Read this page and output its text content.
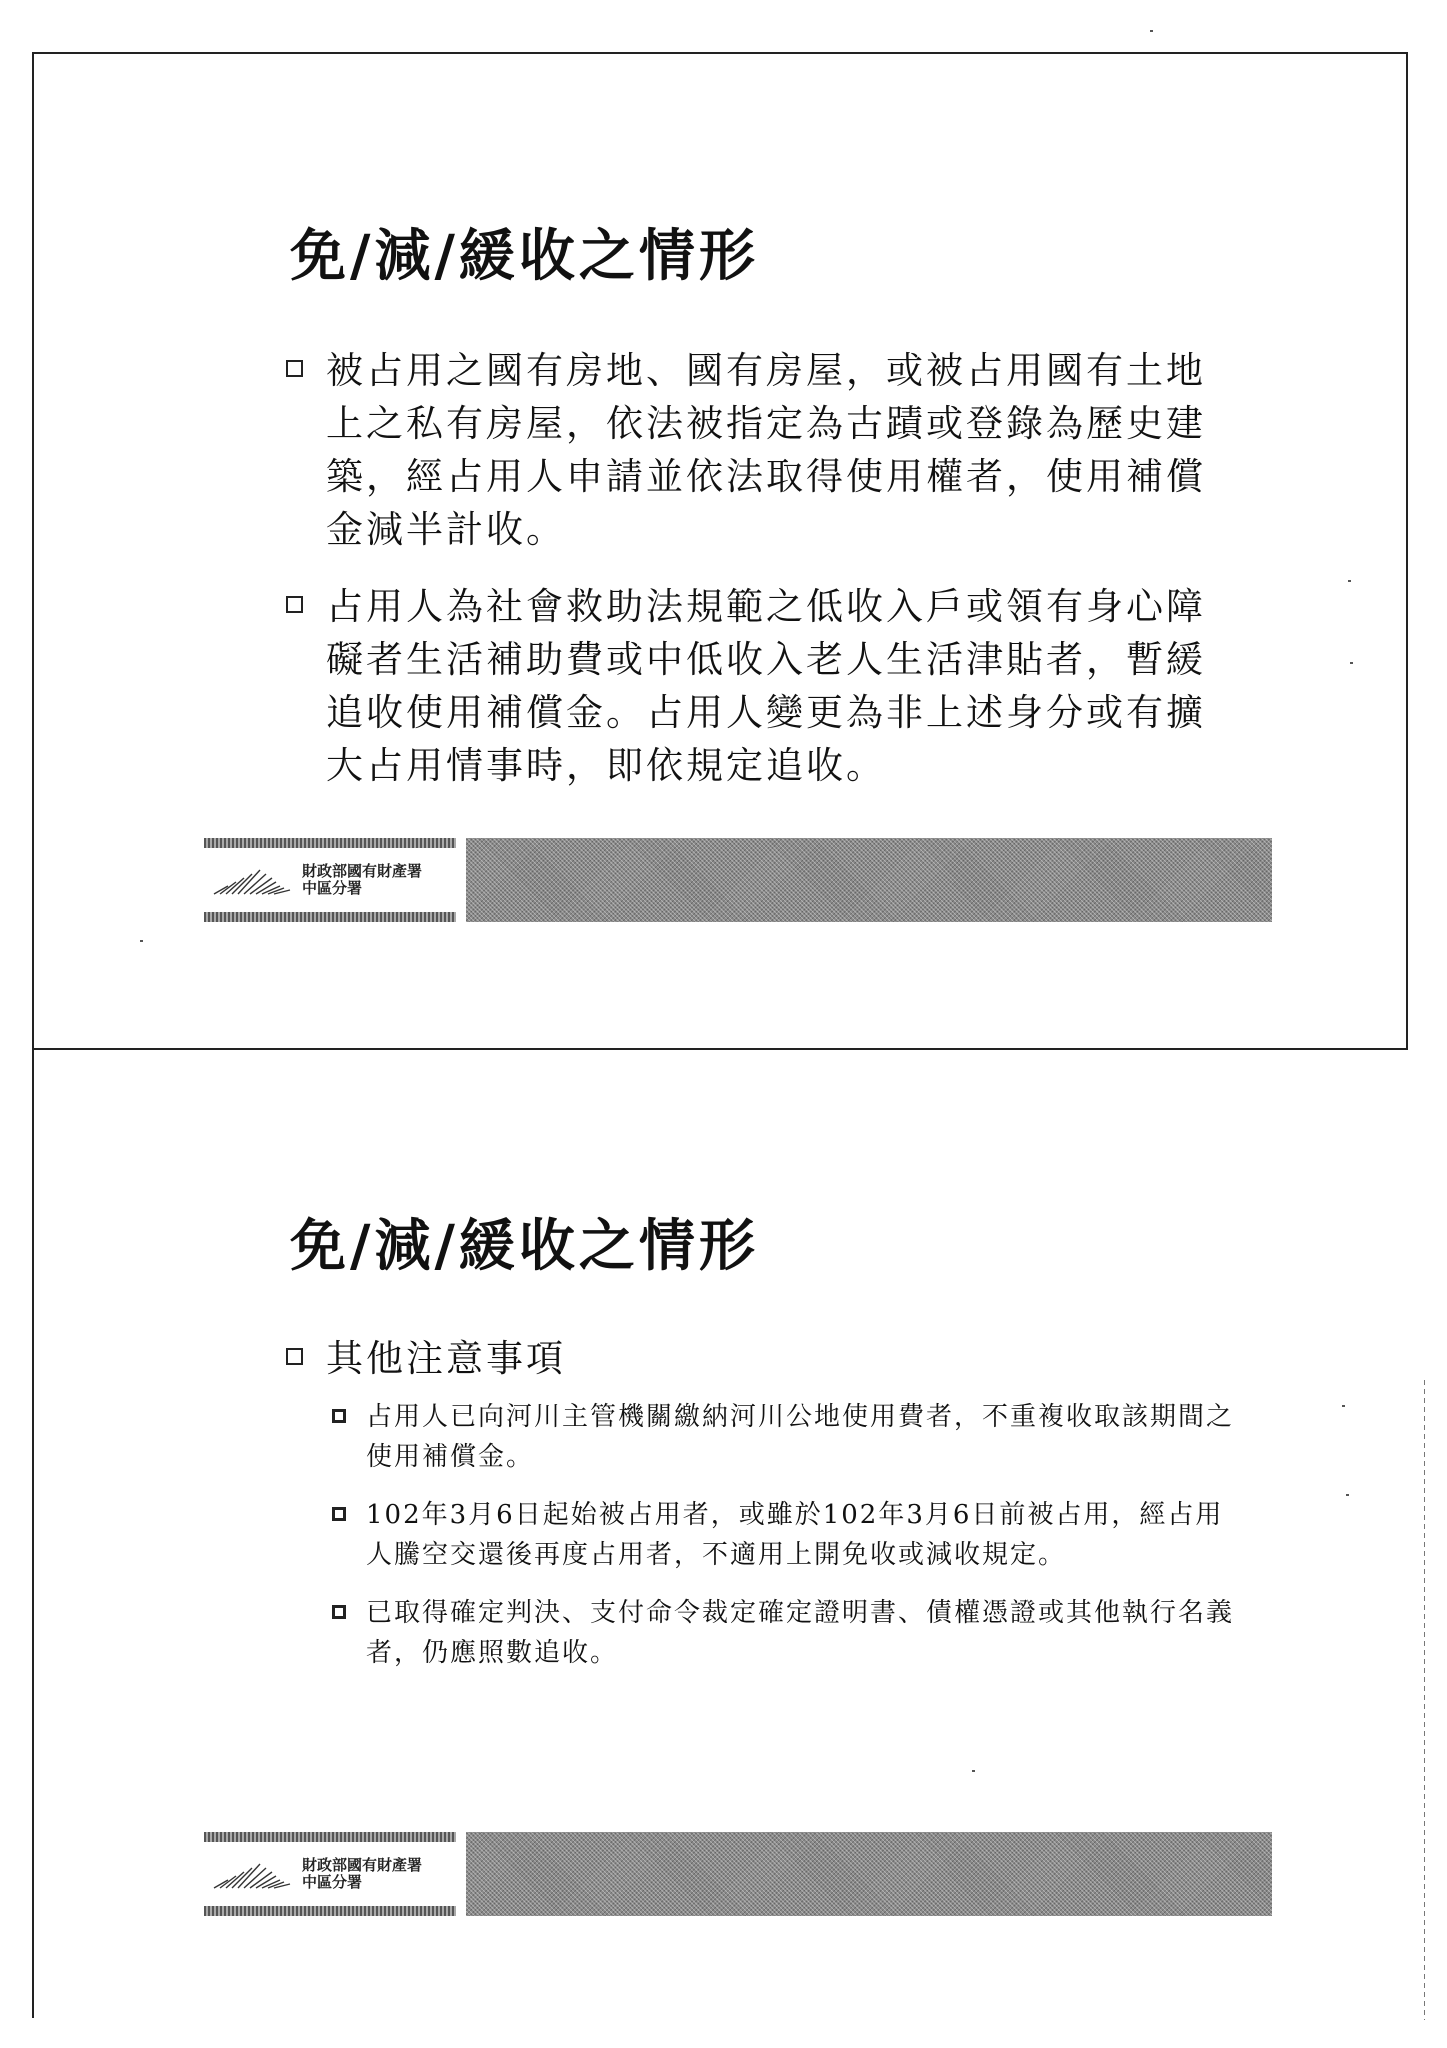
免/減/緩收之情形
被占用之國有房地、國有房屋，或被占用國有土地上之私有房屋，依法被指定為古蹟或登錄為歷史建築，經占用人申請並依法取得使用權者，使用補償金減半計收。
占用人為社會救助法規範之低收入戶或領有身心障礙者生活補助費或中低收入老人生活津貼者，暫緩追收使用補償金。占用人變更為非上述身分或有擴大占用情事時，即依規定追收。
財政部國有財產署
中區分署
免/減/緩收之情形
其他注意事項
占用人已向河川主管機關繳納河川公地使用費者，不重複收取該期間之使用補償金。
102年3月6日起始被占用者，或雖於102年3月6日前被占用，經占用人騰空交還後再度占用者，不適用上開免收或減收規定。
已取得確定判決、支付命令裁定確定證明書、債權憑證或其他執行名義者，仍應照數追收。
財政部國有財產署
中區分署
